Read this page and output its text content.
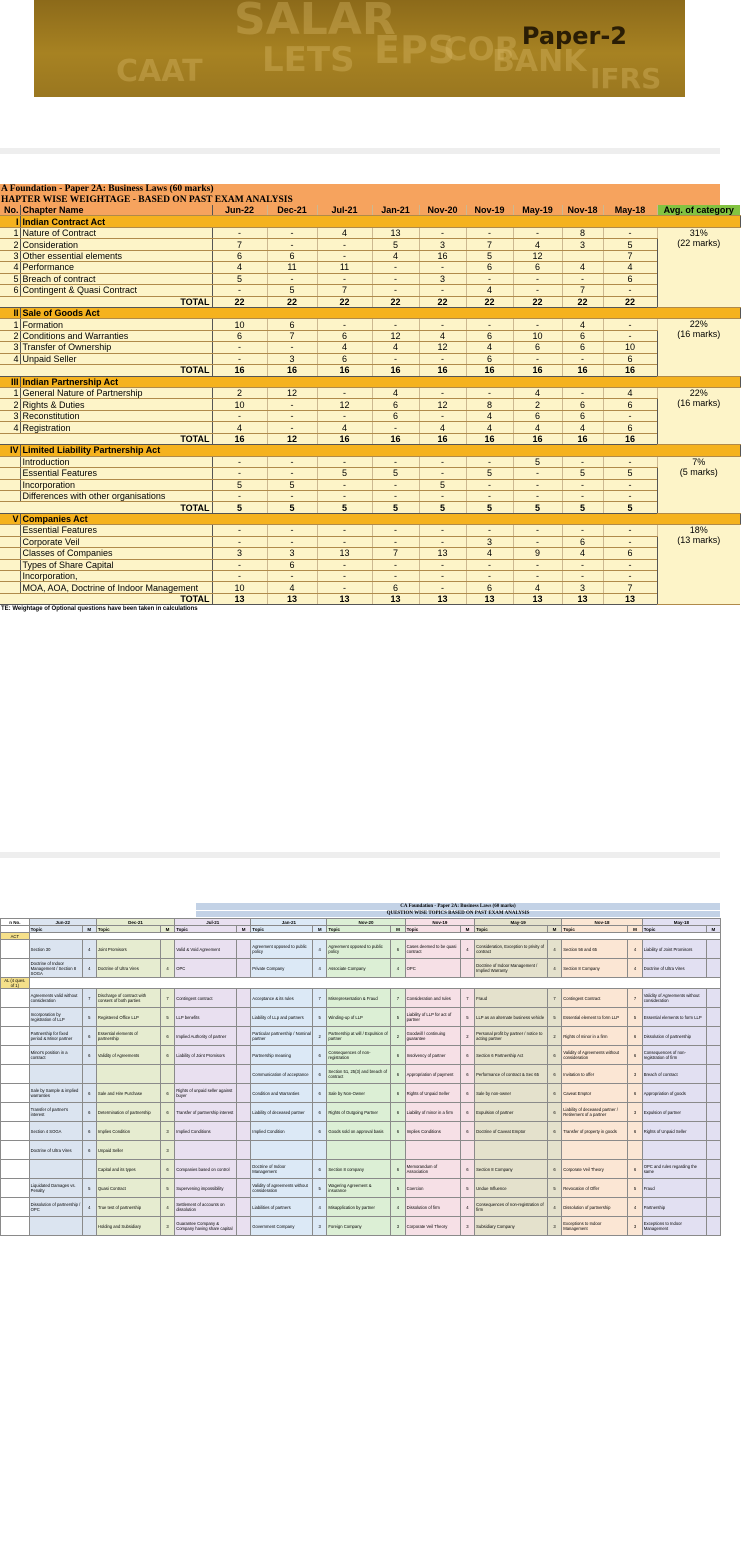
SALAR
CAAT LETS EPS
COR
BANK IFRS
Paper-2
A Foundation - Paper 2A: Business Laws (60 marks)
HAPTER WISE WEIGHTAGE - BASED ON PAST EXAM ANALYSIS
No.	Chapter Name	Jun-22	Dec-21	Jul-21	Jan-21	Nov-20	Nov-19	May-19	Nov-18	May-18	Avg. of category
I	Indian Contract Act										
1	Nature of Contract	-	-	4	13	-	-	-	8	-	31%
(22 marks)

2	Consideration	7	-	-	5	3	7	4	3	5	
3	Other essential elements	6	6	-	4	16	5	12		7	
4	Performance	4	11	11	-	-	6	6	4	4	
5	Breach of contract	5	-	-	-	3	-	-	-	6	
6	Contingent & Quasi Contract	-	5	7	-	-	4	-	7	-	
TOTAL		22	22	22	22	22	22	22	22	22	
II	Sale of Goods Act										
1	Formation	10	6	-	-	-	-	-	4	-	22%
(16 marks)

2	Conditions and Warranties	6	7	6	12	4	6	10	6	-	
3	Transfer of Ownership	-	-	4	4	12	4	6	6	10	
4	Unpaid Seller	-	3	6	-	-	6	-	-	6	
TOTAL		16	16	16	16	16	16	16	16	16	
III	Indian Partnership Act										
1	General Nature of Partnership	2	12	-	4	-	-	4	-	4	22%
(16 marks)

2	Rights & Duties	10	-	12	6	12	8	2	6	6	
3	Reconstitution	-	-	-	6	-	4	6	6	-	
4	Registration	4	-	4	-	4	4	4	4	6	
TOTAL		16	12	16	16	16	16	16	16	16	
IV	Limited Liability Partnership Act										
	Introduction	-	-	-	-	-	-	5	-	-	7%
(5 marks)

	Essential Features	-	-	5	5	-	5	-	5	5	
	Incorporation	5	5	-	-	5	-	-	-	-	
	Differences with other organisations	-	-	-	-	-	-	-	-	-	
TOTAL		5	5	5	5	5	5	5	5	5	
V	Companies Act										
	Essential Features	-	-	-	-	-	-	-	-	-	18%
(13 marks)

	Corporate Veil	-	-	-	-	-	3	-	6	-	
	Classes of Companies	3	3	13	7	13	4	9	4	6	
	Types of Share Capital	-	6	-	-	-	-	-	-	-	
	Incorporation,	-	-	-	-	-	-	-	-	-	
	MOA, AOA, Doctrine of Indoor Management	10	4	-	6	-	6	4	3	7	
TOTAL		13	13	13	13	13	13	13	13	13	
TE: Weightage of Optional questions have been taken in calculations
CA Foundation - Paper 2A: Business Laws (60 marks)
QUESTION WISE TOPICS BASED ON PAST EXAM ANALYSIS
n No.	Jun-22		Dec-21		Jul-21		Jan-21		Nov-20		Nov-19		May-19		Nov-18		May-18	
	Topic	M	Topic	M	Topic	M	Topic	M	Topic	M	Topic	M	Topic	M	Topic	M	Topic	M
ACT																		
	Section 30	4	Joint Promisors		Valid & Void Agreement		Agreement opposed to public policy	4	Agreement opposed to public policy	6	Cases deemed to be quasi contract	4	Consideration, Exception to privity of contract	4	Section 56 and 65	4	Liability of Joint Promisors	
	Doctrine of Indoor Management / Section 8 SOGA	4	Doctrine of Ultra Vires	4	OPC		Private Company	4	Associate Company	4	OPC		Doctrine of Indoor Management / Implied Warranty	4	Section 8 Company	4	Doctrine of Ultra Vires	
AL (4 ques. of 1)																		
	Agreements valid without consideration	7	Discharge of contract with consent of both parties	7	Contingent contract		Acceptance & its rules	7	Misrepresentation & Fraud	7	Consideration and rules	7	Fraud	7	Contingent Contract	7	Validity of Agreements without consideration	
	Incorporation by registration of LLP	5	Registered Office LLP	5	LLP benefits		Liability of LLp and partners	5	Winding-up of LLP	5	Liability of LLP for act of partner	5	LLP as an alternate business vehicle	5	Essential element to form LLP	5	Essential elements to form LLP	
	Partnership for fixed period & Minor partner	6	Essential elements of partnership	6	Implied Authority of partner		Particular partnership / Nominal partner	2	Partnership at will / Expulsion of partner	2	Goodwill / continuing guarantee	2	Personal profit by partner / notice to acting partner	2	Rights of minor in a firm	6	Dissolution of partnership	
	Minor's position in a contract	6	Validity of Agreements	6	Liability of Joint Promisors		Partnership meaning	6	Consequences of non-registration	6	Insolvency of partner	6	Section 6 Partnership Act	6	Validity of Agreements without consideration	6	Consequences of non-registration of firm	
							Communication of acceptance	6	Section 51, 25(3) and breach of contract	6	Appropriation of payment	6	Performance of contract & Sec 65	6	Invitation to offer	3	Breach of contract	
	Sale by Sample & implied warranties	6	Sale and Hire Purchase	6	Rights of unpaid seller against buyer		Condition and Warranties	6	Sale by Non-Owner	6	Rights of Unpaid Seller	6	Sale by non-owner	6	Caveat Emptor	6	Appropriation of goods	
	Transfer of partner's interest	6	Determination of partnership	6	Transfer of partnership interest		Liability of deceased partner	6	Rights of Outgoing Partner	6	Liability of minor in a firm	6	Expulsion of partner	6	Liability of deceased partner / Retirement of a partner	3	Expulsion of partner	
	Section 4 SOGA	6	Implies Condition	3	Implied Conditions		Implied Condition	6	Goods sold on approval basis	6	Implies Conditions	6	Doctrine of Caveat Emptor	6	Transfer of property in goods	6	Rights of Unpaid Seller	
	Doctrine of Ultra Vires	6	Unpaid Seller	3														
			Capital and its types	6	Companies based on control		Doctrine of Indoor Management	6	Section 8 company	6	Memorandum of Association	6	Section 8 Company	6	Corporate Veil Theory	6	OPC and rules regarding the same	
	Liquidated Damages vs. Penalty	5	Quasi Contract	5	Supervening impossibility		Validity of agreements without consideration	5	Wagering Agreement & insurance	5	Coercion	5	Undue Influence	5	Revocation of Offer	5	Fraud	
	Dissolution of partnership / OPC	4	True test of partnership	4	Settlement of accounts on dissolution		Liabilities of partners	4	Misapplication by partner	4	Dissolution of firm	4	Consequences of non-registration of firm	4	Dissolution of partnership	4	Partnership	
			Holding and Subsidiary	3	Guarantee Company & Company having share capital		Government Company	3	Foreign Company	3	Corporate Veil Theory	3	Subsidiary Company	3	Exceptions to Indoor Management	3	Exceptions to Indoor Management	
